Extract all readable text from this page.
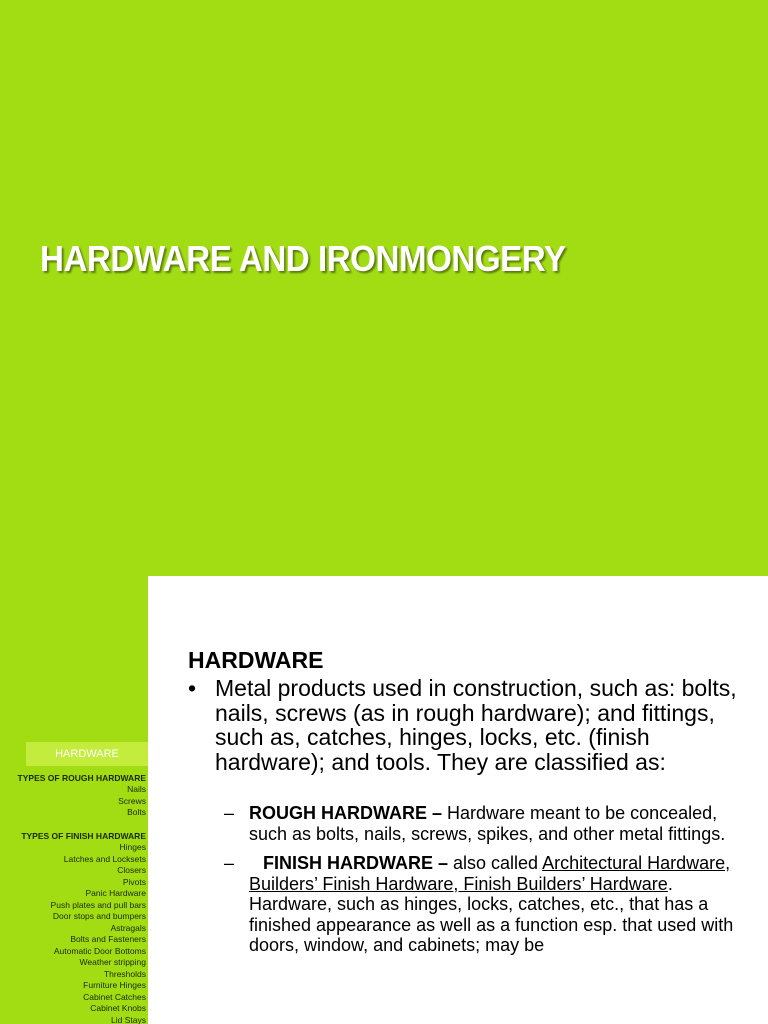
HARDWARE AND IRONMONGERY
HARDWARE
TYPES OF ROUGH HARDWARE
Nails
Screws
Bolts
TYPES OF FINISH HARDWARE
Hinges
Latches and Locksets
Closers
Pivots
Panic Hardware
Push plates and pull bars
Door stops and bumpers
Astragals
Bolts and Fasteners
Automatic Door Bottoms
Weather stripping
Thresholds
Furniture Hinges
Cabinet Catches
Cabinet Knobs
Lid Stays
HARDWARE
• Metal products used in construction, such as: bolts, nails, screws (as in rough hardware); and fittings, such as, catches, hinges, locks, etc. (finish hardware); and tools. They are classified as:
– ROUGH HARDWARE – Hardware meant to be concealed, such as bolts, nails, screws, spikes, and other metal fittings.
– FINISH HARDWARE – also called Architectural Hardware, Builders’ Finish Hardware, Finish Builders’ Hardware. Hardware, such as hinges, locks, catches, etc., that has a finished appearance as well as a function esp. that used with doors, window, and cabinets; may be
